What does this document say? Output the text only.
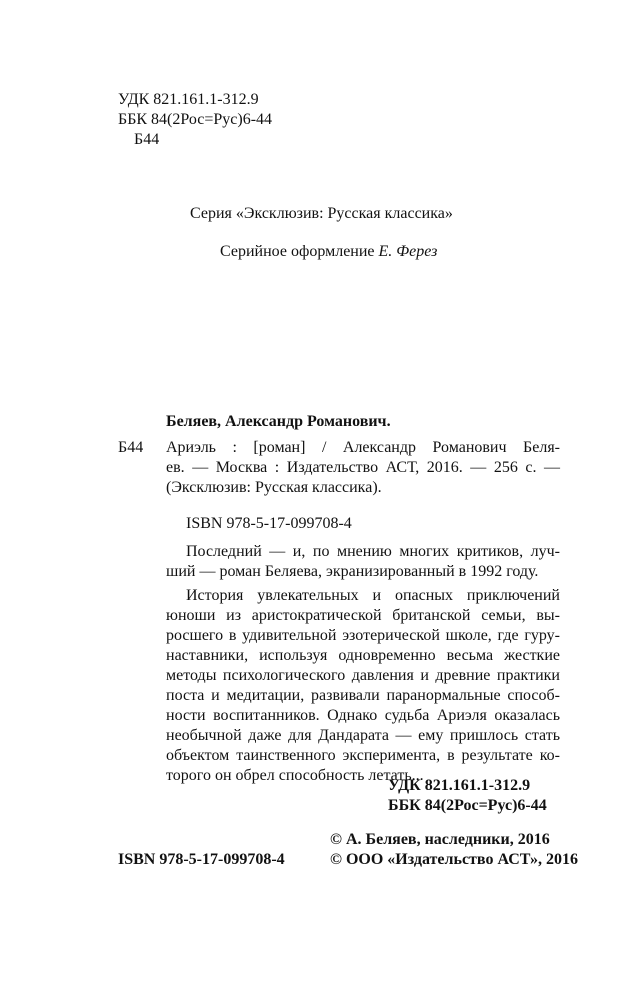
УДК 821.161.1-312.9
ББК 84(2Рос=Рус)6-44
Б44
Серия «Эксклюзив: Русская классика»
Серийное оформление Е. Ферез
Беляев, Александр Романович.
Б44 Ариэль : [роман] / Александр Романович Беля-
ев. — Москва : Издательство АСТ, 2016. — 256 с. —
(Эксклюзив: Русская классика).
ISBN 978-5-17-099708-4
Последний — и, по мнению многих критиков, луч-
ший — роман Беляева, экранизированный в 1992 году.
История увлекательных и опасных приключений
юноши из аристократической британской семьи, вы-
росшего в удивительной эзотерической школе, где гуру-
наставники, используя одновременно весьма жесткие
методы психологического давления и древние практики
поста и медитации, развивали паранормальные способ-
ности воспитанников. Однако судьба Ариэля оказалась
необычной даже для Дандарата — ему пришлось стать
объектом таинственного эксперимента, в результате ко-
торого он обрел способность летать...
УДК 821.161.1-312.9
ББК 84(2Рос=Рус)6-44
© А. Беляев, наследники, 2016
ISBN 978-5-17-099708-4	© ООО «Издательство АСТ», 2016
